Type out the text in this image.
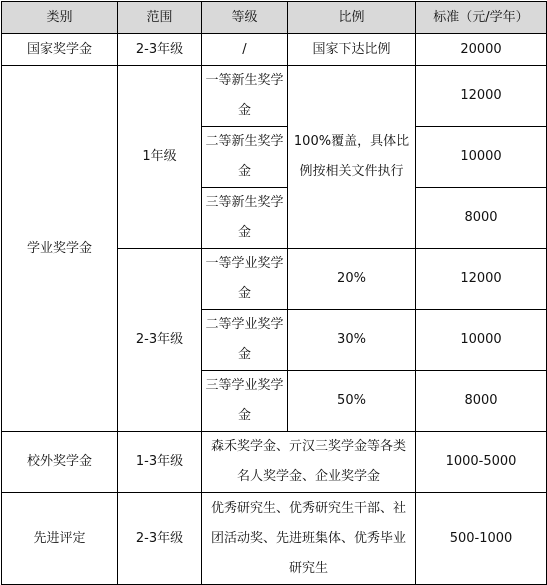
类别	范围	等级	比例	标准（元/学年）
国家奖学金	2-3年级	/	国家下达比例	20000
学业奖学金	1年级	一等新生奖学金	100%覆盖，具体比例按相关文件执行	12000
		二等新生奖学金		10000
		三等新生奖学金		8000
	2-3年级	一等学业奖学金	20%	12000
		二等学业奖学金	30%	10000
		三等学业奖学金	50%	8000
校外奖学金	1-3年级	森禾奖学金、亓汉三奖学金等各类名人奖学金、企业奖学金		1000-5000
先进评定	2-3年级	优秀研究生、优秀研究生干部、社团活动奖、先进班集体、优秀毕业研究生		500-1000
